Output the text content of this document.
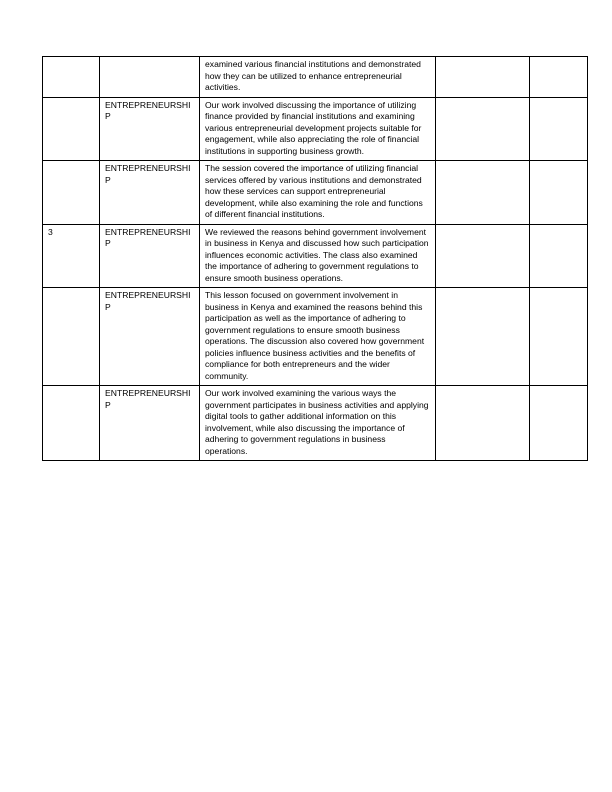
		examined various financial institutions and demonstrated how they can be utilized to enhance entrepreneurial activities.		
	ENTREPRENEURSHIP	Our work involved discussing the importance of utilizing finance provided by financial institutions and examining various entrepreneurial development projects suitable for engagement, while also appreciating the role of financial institutions in supporting business growth.		
	ENTREPRENEURSHIP	The session covered the importance of utilizing financial services offered by various institutions and demonstrated how these services can support entrepreneurial development, while also examining the role and functions of different financial institutions.		
3	ENTREPRENEURSHIP	We reviewed the reasons behind government involvement in business in Kenya and discussed how such participation influences economic activities. The class also examined the importance of adhering to government regulations to ensure smooth business operations.		
	ENTREPRENEURSHIP	This lesson focused on government involvement in business in Kenya and examined the reasons behind this participation as well as the importance of adhering to government regulations to ensure smooth business operations. The discussion also covered how government policies influence business activities and the benefits of compliance for both entrepreneurs and the wider community.		
	ENTREPRENEURSHIP	Our work involved examining the various ways the government participates in business activities and applying digital tools to gather additional information on this involvement, while also discussing the importance of adhering to government regulations in business operations.		
